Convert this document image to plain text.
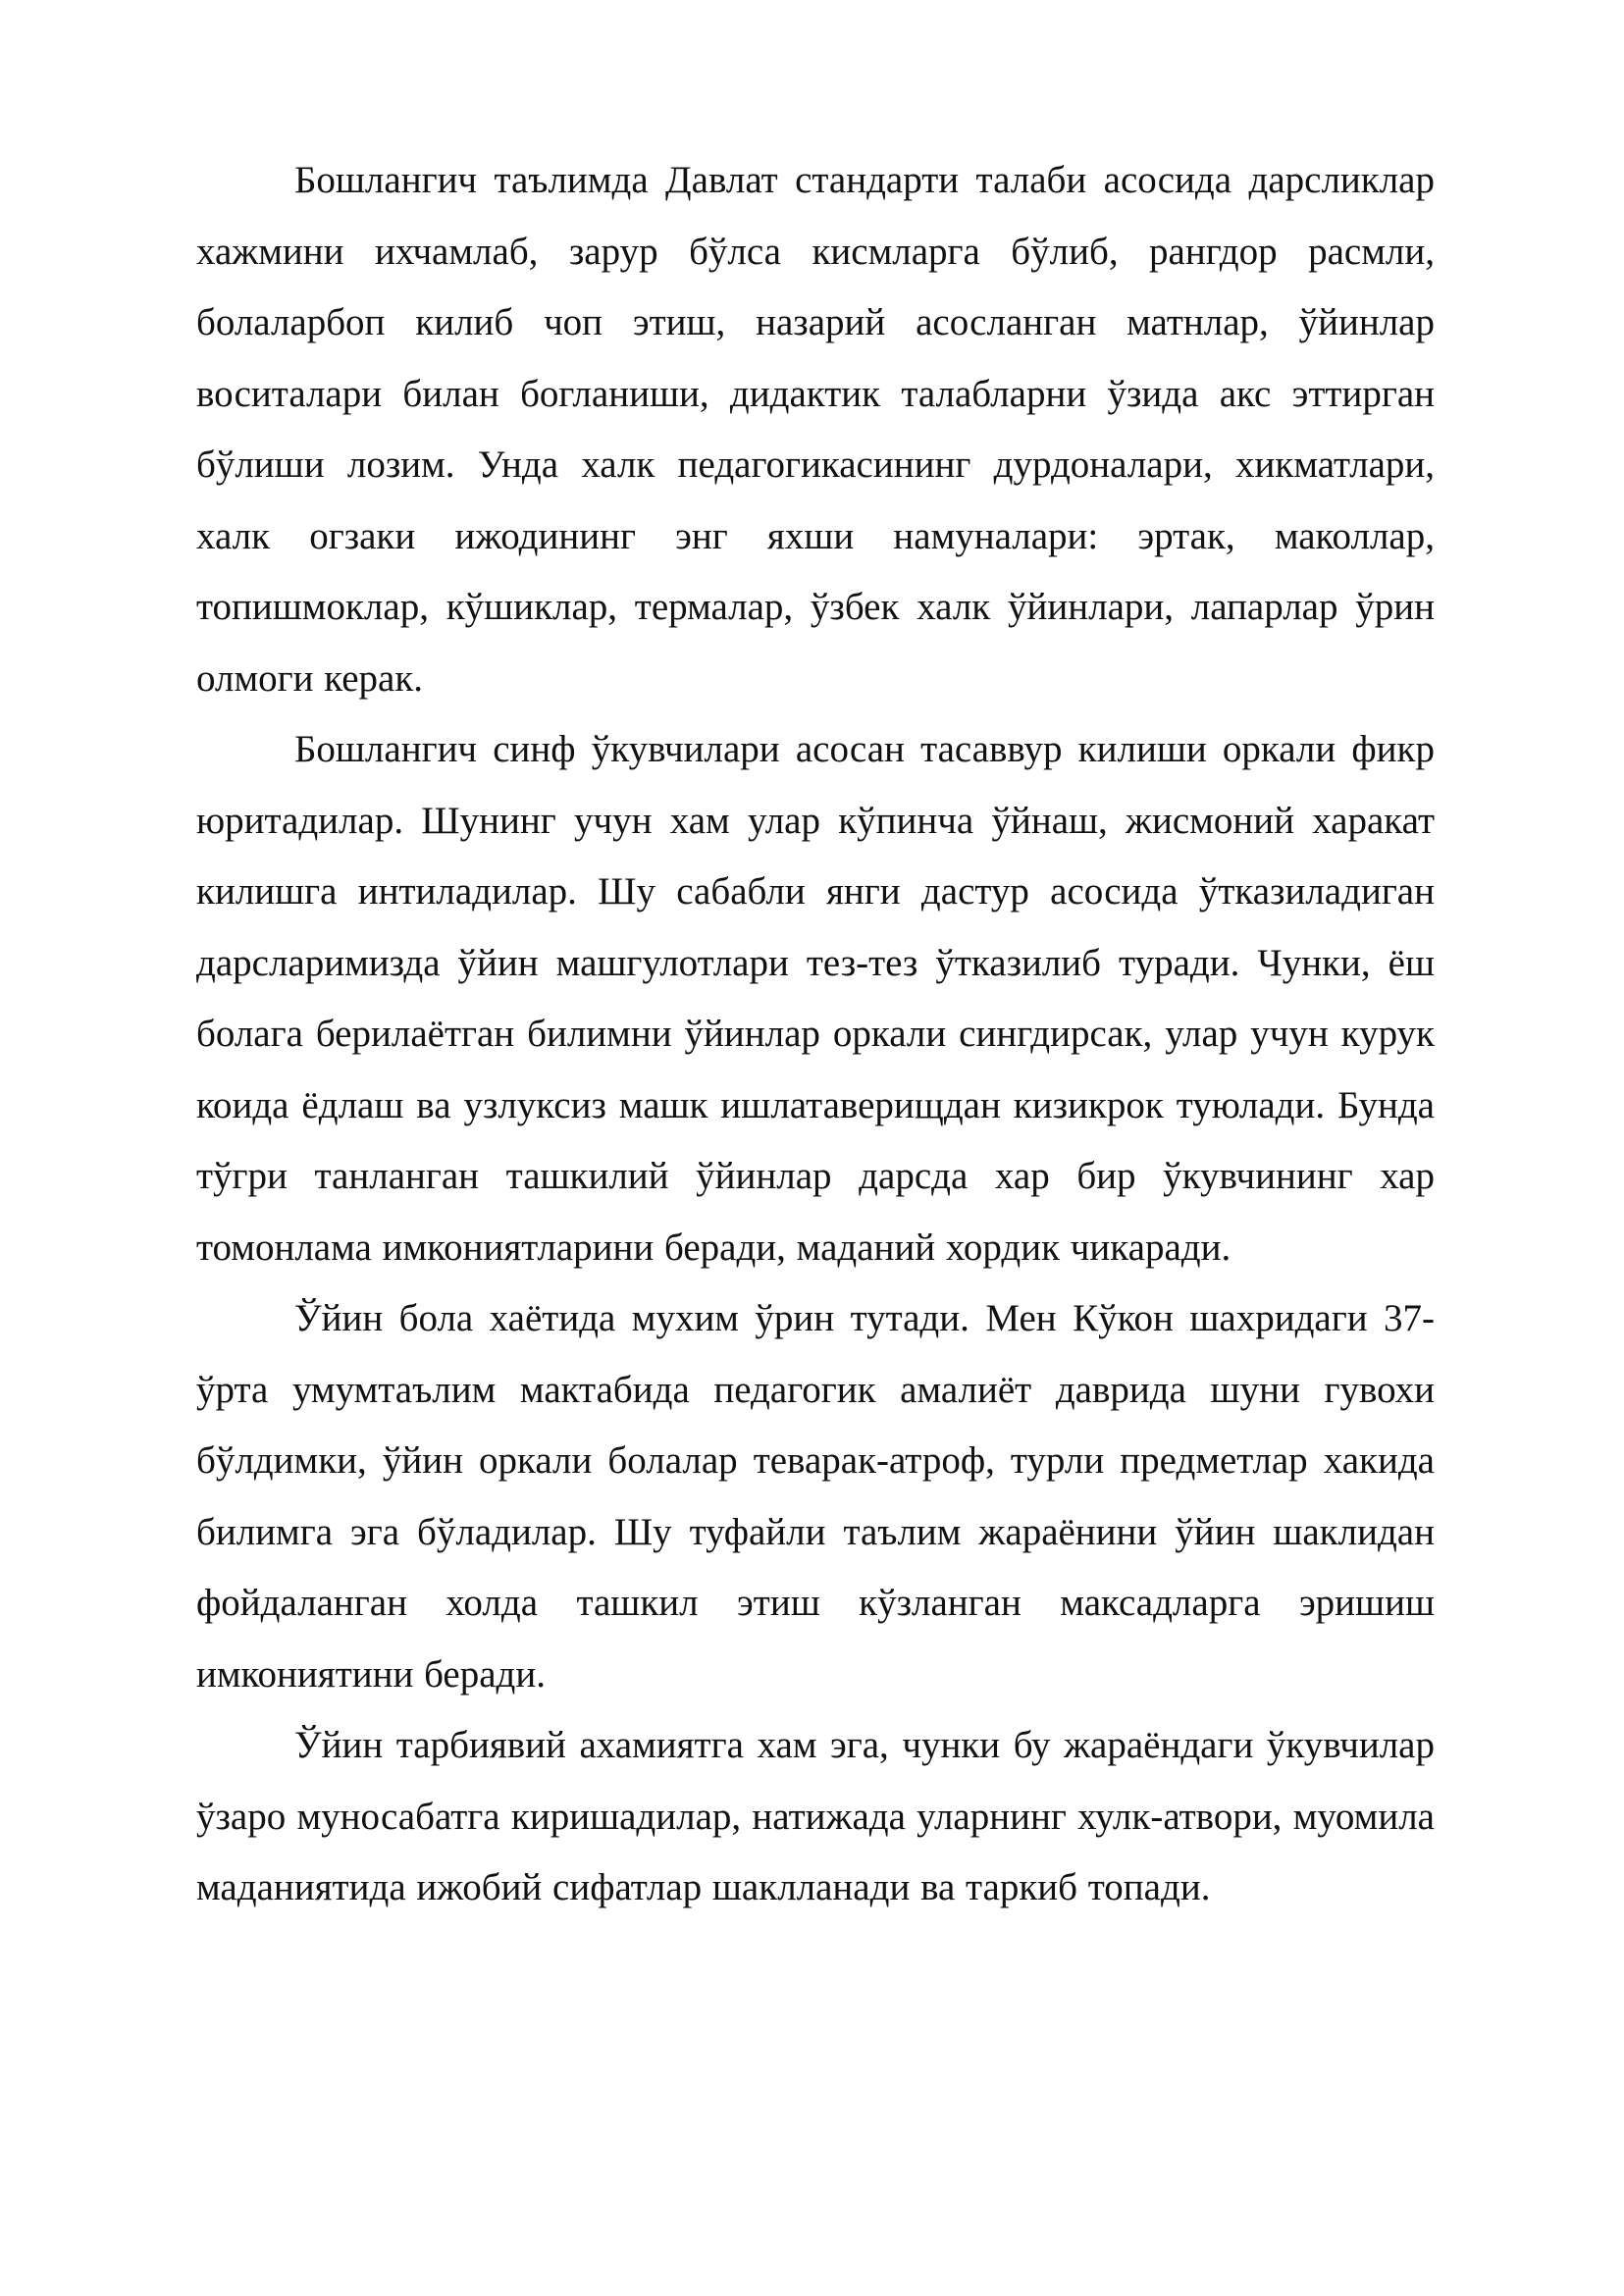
Бошлангич таълимда Давлат стандарти талаби асосида дарсликлар хажмини ихчамлаб, зарур бўлса кисмларга бўлиб, рангдор расмли, болаларбоп килиб чоп этиш, назарий асосланган матнлар, ўйинлар воситалари билан богланиши, дидактик талабларни ўзида акс эттирган бўлиши лозим. Унда халк педагогикасининг дурдоналари, хикматлари, халк огзаки ижодининг энг яхши намуналари: эртак, маколлар, топишмоклар, кўшиклар, термалар, ўзбек халк ўйинлари, лапарлар ўрин олмоги керак.

Бошлангич синф ўкувчилари асосан тасаввур килиши оркали фикр юритадилар. Шунинг учун хам улар кўпинча ўйнаш, жисмоний харакат килишга интиладилар. Шу сабабли янги дастур асосида ўтказиладиган дарсларимизда ўйин машгулотлари тез-тез ўтказилиб туради. Чунки, ёш болага берилаётган билимни ўйинлар оркали сингдирсак, улар учун курук коида ёдлаш ва узлуксиз машк ишлатаверищдан кизикрок туюлади. Бунда тўгри танланган ташкилий ўйинлар дарсда хар бир ўкувчининг хар томонлама имкониятларини беради, маданий хордик чикаради.

Ўйин бола хаётида мухим ўрин тутади. Мен Кўкон шахридаги 37-ўрта умумтаълим мактабида педагогик амалиёт даврида шуни гувохи бўлдимки, ўйин оркали болалар теварак-атроф, турли предметлар хакида билимга эга бўладилар. Шу туфайли таълим жараёнини ўйин шаклидан фойдаланган холда ташкил этиш кўзланган максадларга эришиш имкониятини беради.

Ўйин тарбиявий ахамиятга хам эга, чунки бу жараёндаги ўкувчилар ўзаро муносабатга киришадилар, натижада уларнинг хулк-атвори, муомила маданиятида ижобий сифатлар шаклланади ва таркиб топади.
